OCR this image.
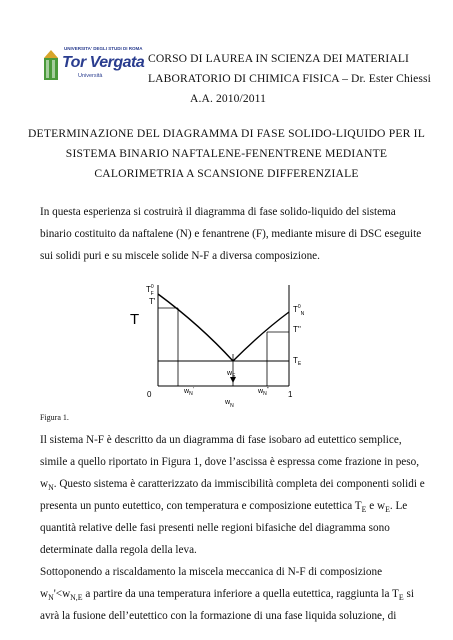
UNIVERSITA' DEGLI STUDI DI ROMA
Tor Vergata
Università
CORSO DI LAUREA IN SCIENZA DEI MATERIALI
LABORATORIO DI CHIMICA FISICA – Dr. Ester Chiessi
A.A. 2010/2011
DETERMINAZIONE DEL DIAGRAMMA DI FASE SOLIDO-LIQUIDO PER IL
SISTEMA BINARIO NAFTALENE-FENENTRENE MEDIANTE
CALORIMETRIA A SCANSIONE DIFFERENZIALE
In questa esperienza si costruirà il diagramma di fase solido-liquido del sistema
binario costituito da naftalene (N) e fenantrene (F), mediante misure di DSC eseguite
sui solidi puri e su miscele solide N-F a diversa composizione.
T
$T^0$ F
T'
$T^0_N$
T''
$T_E$
$w_E$
0	1
$w_N'$	$w_N''$
$w_N$
Figura 1.
Il sistema N-F è descritto da un diagramma di fase isobaro ad eutettico semplice,
simile a quello riportato in Figura 1, dove l’ascissa è espressa come frazione in peso,
$w_N$. Questo sistema è caratterizzato da immiscibilità completa dei componenti solidi e
presenta un punto eutettico, con temperatura e composizione eutettica $T_E$ e $w_E$. Le
quantità relative delle fasi presenti nelle regioni bifasiche del diagramma sono
determinate dalla regola della leva.
Sottoponendo a riscaldamento la miscela meccanica di N-F di composizione
$w_N'<w_{N,E}$ a partire da una temperatura inferiore a quella eutettica, raggiunta la $T_E$ si
avrà la fusione dell’eutettico con la formazione di una fase liquida soluzione, di
